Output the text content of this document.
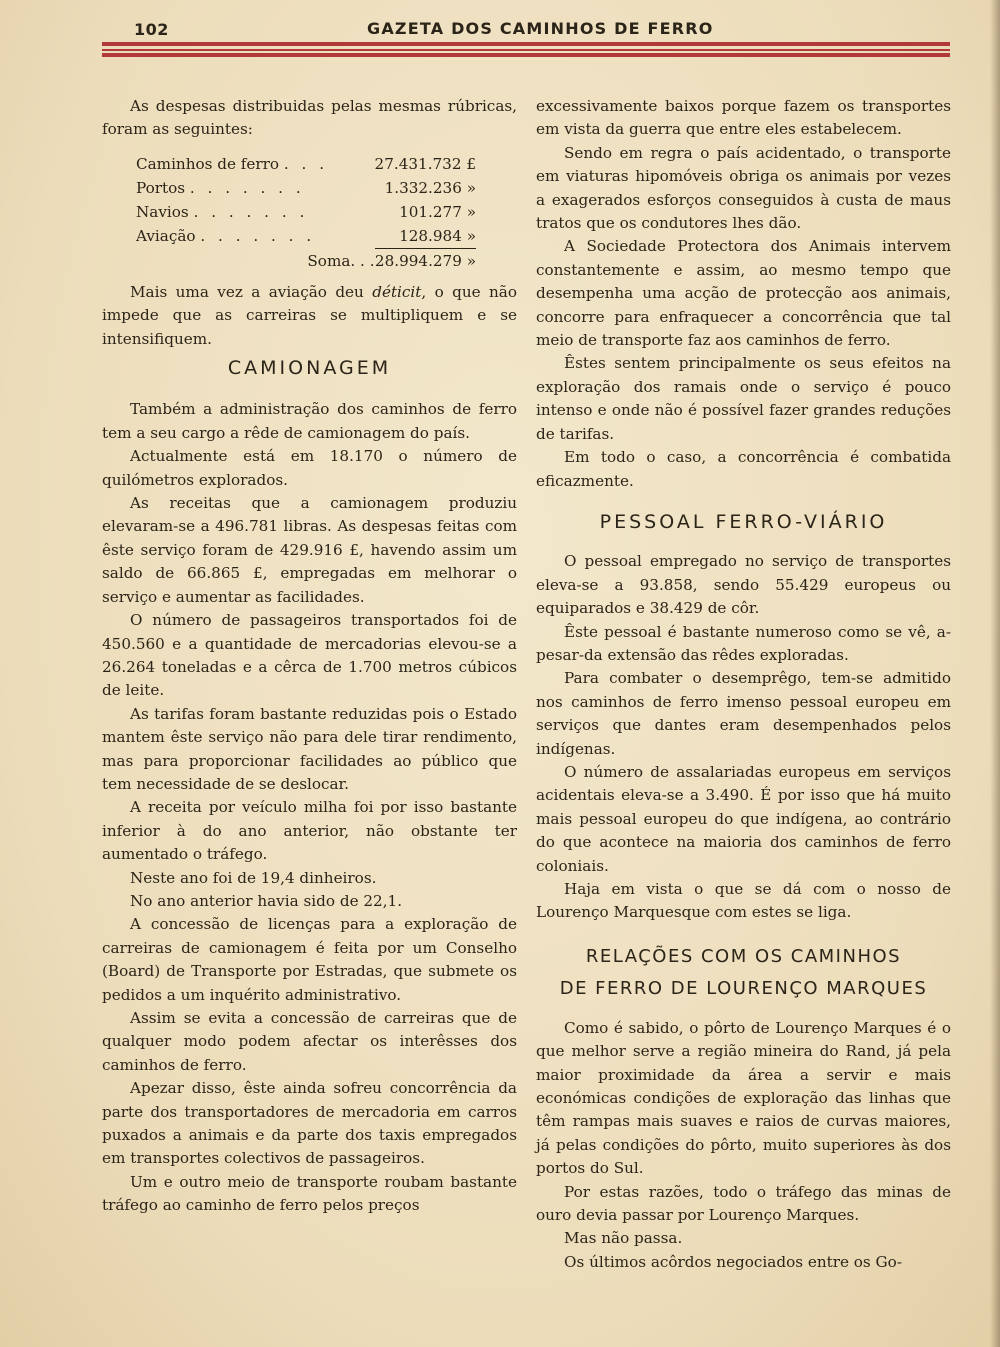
102	GAZETA DOS CAMINHOS DE FERRO

As despesas distribuidas pelas mesmas rúbricas, foram as seguintes:

Caminhos de ferro . . .	27.431.732 £
Portos . . . . . . .	1.332.236 »
Navios . . . . . . .	101.277 »
Aviação . . . . . . .	128.984 »
Soma. . .	28.994.279 »

Mais uma vez a aviação deu déticit, o que não impede que as carreiras se multipliquem e se intensifiquem.

CAMIONAGEM

Também a administração dos caminhos de ferro tem a seu cargo a rêde de camionagem do país.

Actualmente está em 18.170 o número de quilómetros explorados.

As receitas que a camionagem produziu elevaram-se a 496.781 libras. As despesas feitas com êste serviço foram de 429.916 £, havendo assim um saldo de 66.865 £, empregadas em melhorar o serviço e aumentar as facilidades.

O número de passageiros transportados foi de 450.560 e a quantidade de mercadorias elevou-se a 26.264 toneladas e a cêrca de 1.700 metros cúbicos de leite.

As tarifas foram bastante reduzidas pois o Estado mantem êste serviço não para dele tirar rendimento, mas para proporcionar facilidades ao público que tem necessidade de se deslocar.

A receita por veículo milha foi por isso bastante inferior à do ano anterior, não obstante ter aumentado o tráfego.

Neste ano foi de 19,4 dinheiros.

No ano anterior havia sido de 22,1.

A concessão de licenças para a exploração de carreiras de camionagem é feita por um Conselho (Board) de Transporte por Estradas, que submete os pedidos a um inquérito administrativo.

Assim se evita a concessão de carreiras que de qualquer modo podem afectar os interêsses dos caminhos de ferro.

Apezar disso, êste ainda sofreu concorrência da parte dos transportadores de mercadoria em carros puxados a animais e da parte dos taxis empregados em transportes colectivos de passageiros.

Um e outro meio de transporte roubam bastante tráfego ao caminho de ferro pelos preços

excessivamente baixos porque fazem os transportes em vista da guerra que entre eles estabelecem.

Sendo em regra o país acidentado, o transporte em viaturas hipomóveis obriga os animais por vezes a exagerados esforços conseguidos à custa de maus tratos que os condutores lhes dão.

A Sociedade Protectora dos Animais intervem constantemente e assim, ao mesmo tempo que desempenha uma acção de protecção aos animais, concorre para enfraquecer a concorrência que tal meio de transporte faz aos caminhos de ferro.

Êstes sentem principalmente os seus efeitos na exploração dos ramais onde o serviço é pouco intenso e onde não é possível fazer grandes reduções de tarifas.

Em todo o caso, a concorrência é combatida eficazmente.

PESSOAL FERRO-VIÁRIO

O pessoal empregado no serviço de transportes eleva-se a 93.858, sendo 55.429 europeus ou equiparados e 38.429 de côr.

Êste pessoal é bastante numeroso como se vê, a-pesar-da extensão das rêdes exploradas.

Para combater o desemprêgo, tem-se admitido nos caminhos de ferro imenso pessoal europeu em serviços que dantes eram desempenhados pelos indígenas.

O número de assalariadas europeus em serviços acidentais eleva-se a 3.490. É por isso que há muito mais pessoal europeu do que indígena, ao contrário do que acontece na maioria dos caminhos de ferro coloniais.

Haja em vista o que se dá com o nosso de Lourenço Marquesque com estes se liga.

RELAÇÕES COM OS CAMINHOS
DE FERRO DE LOURENÇO MARQUES

Como é sabido, o pôrto de Lourenço Marques é o que melhor serve a região mineira do Rand, já pela maior proximidade da área a servir e mais económicas condições de exploração das linhas que têm rampas mais suaves e raios de curvas maiores, já pelas condições do pôrto, muito superiores às dos portos do Sul.

Por estas razões, todo o tráfego das minas de ouro devia passar por Lourenço Marques.

Mas não passa.

Os últimos acôrdos negociados entre os Go-
